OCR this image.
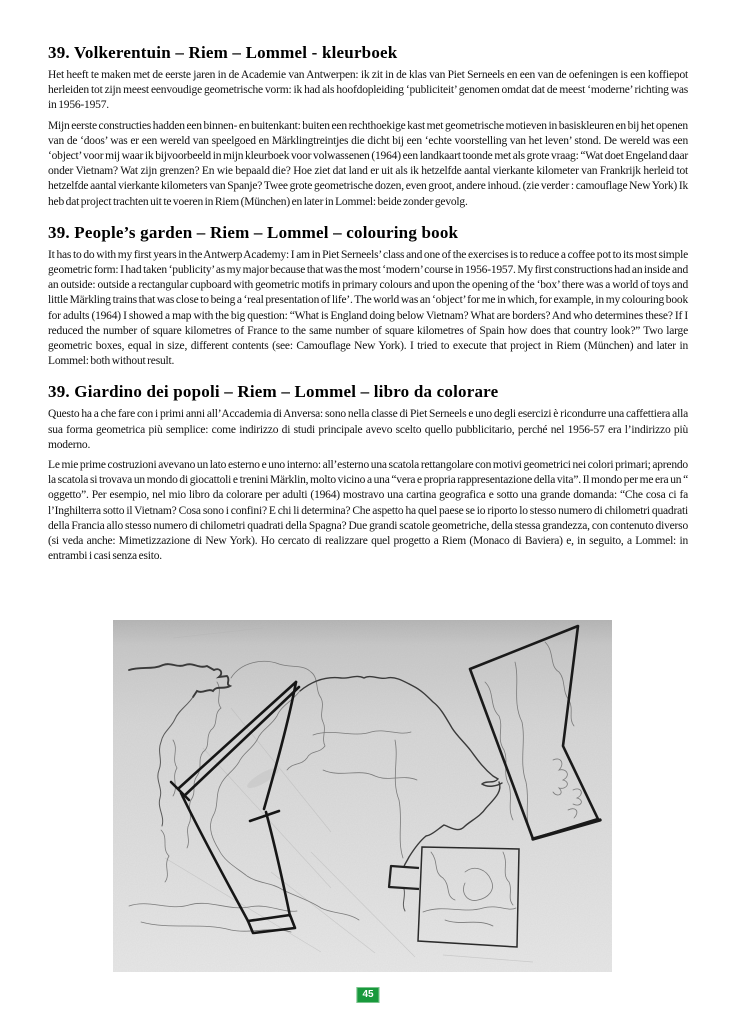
39. Volkerentuin – Riem – Lommel - kleurboek

Het heeft te maken met de eerste jaren in de Academie van Antwerpen: ik zit in de klas van Piet Serneels en een van de oefeningen is een koffiepot herleiden tot zijn meest eenvoudige geometrische vorm: ik had als hoofdopleiding ‘publiciteit’ genomen omdat dat de meest ‘moderne’ richting was in 1956-1957.

Mijn eerste constructies hadden een binnen- en buitenkant: buiten een rechthoekige kast met geometrische motieven in basiskleuren en bij het openen van de ‘doos’ was er een wereld van speelgoed en Märklingtreintjes die dicht bij een ‘echte voorstelling van het leven’ stond. De wereld was een ‘object’ voor mij waar ik bijvoorbeeld in mijn kleurboek voor volwassenen (1964) een landkaart toonde met als grote vraag: “Wat doet Engeland daar onder Vietnam? Wat zijn grenzen? En wie bepaald die? Hoe ziet dat land er uit als ik hetzelfde aantal vierkante kilometer van Frankrijk herleid tot hetzelfde aantal vierkante kilometers van Spanje? Twee grote geometrische dozen, even groot, andere inhoud. (zie verder : camouflage New York) Ik heb dat project trachten uit te voeren in Riem (München) en later in Lommel: beide zonder gevolg.

39. People’s garden – Riem – Lommel – colouring book

It has to do with my first years in the Antwerp Academy: I am in Piet Serneels’ class and one of the exercises is to reduce a coffee pot to its most simple geometric form: I had taken ‘publicity’ as my major because that was the most ‘modern’ course in 1956-1957. My first constructions had an inside and an outside: outside a rectangular cupboard with geometric motifs in primary colours and upon the opening of the ‘box’ there was a world of toys and little Märkling trains that was close to being a ‘real presentation of life’. The world was an ‘object’ for me in which, for example, in my colouring book for adults (1964) I showed a map with the big question: “What is England doing below Vietnam? What are borders? And who determines these? If I reduced the number of square kilometres of France to the same number of square kilometres of Spain how does that country look?” Two large geometric boxes, equal in size, different contents (see: Camouflage New York). I tried to execute that project in Riem (München) and later in Lommel: both without result.

39. Giardino dei popoli – Riem – Lommel – libro da colorare

Questo ha a che fare con i primi anni all’Accademia di Anversa: sono nella classe di Piet Serneels e uno degli esercizi è ricondurre una caffettiera alla sua forma geometrica più semplice: come indirizzo di studi principale avevo scelto quello pubblicitario, perché nel 1956-57 era l’indirizzo più moderno.

Le mie prime costruzioni avevano un lato esterno e uno interno: all’esterno una scatola rettangolare con motivi geometrici nei colori primari; aprendo la scatola si trovava un mondo di giocattoli e trenini Märklin, molto vicino a una “vera e propria rappresentazione della vita”. Il mondo per me era un “ oggetto”. Per esempio, nel mio libro da colorare per adulti (1964) mostravo una cartina geografica e sotto una grande domanda: “Che cosa ci fa l’Inghilterra sotto il Vietnam? Cosa sono i confini? E chi li determina? Che aspetto ha quel paese se io riporto lo stesso numero di chilometri quadrati della Francia allo stesso numero di chilometri quadrati della Spagna? Due grandi scatole geometriche, della stessa grandezza, con contenuto diverso (si veda anche: Mimetizzazione di New York). Ho cercato di realizzare quel progetto a Riem (Monaco di Baviera) e, in seguito, a Lommel: in entrambi i casi senza esito.

45
